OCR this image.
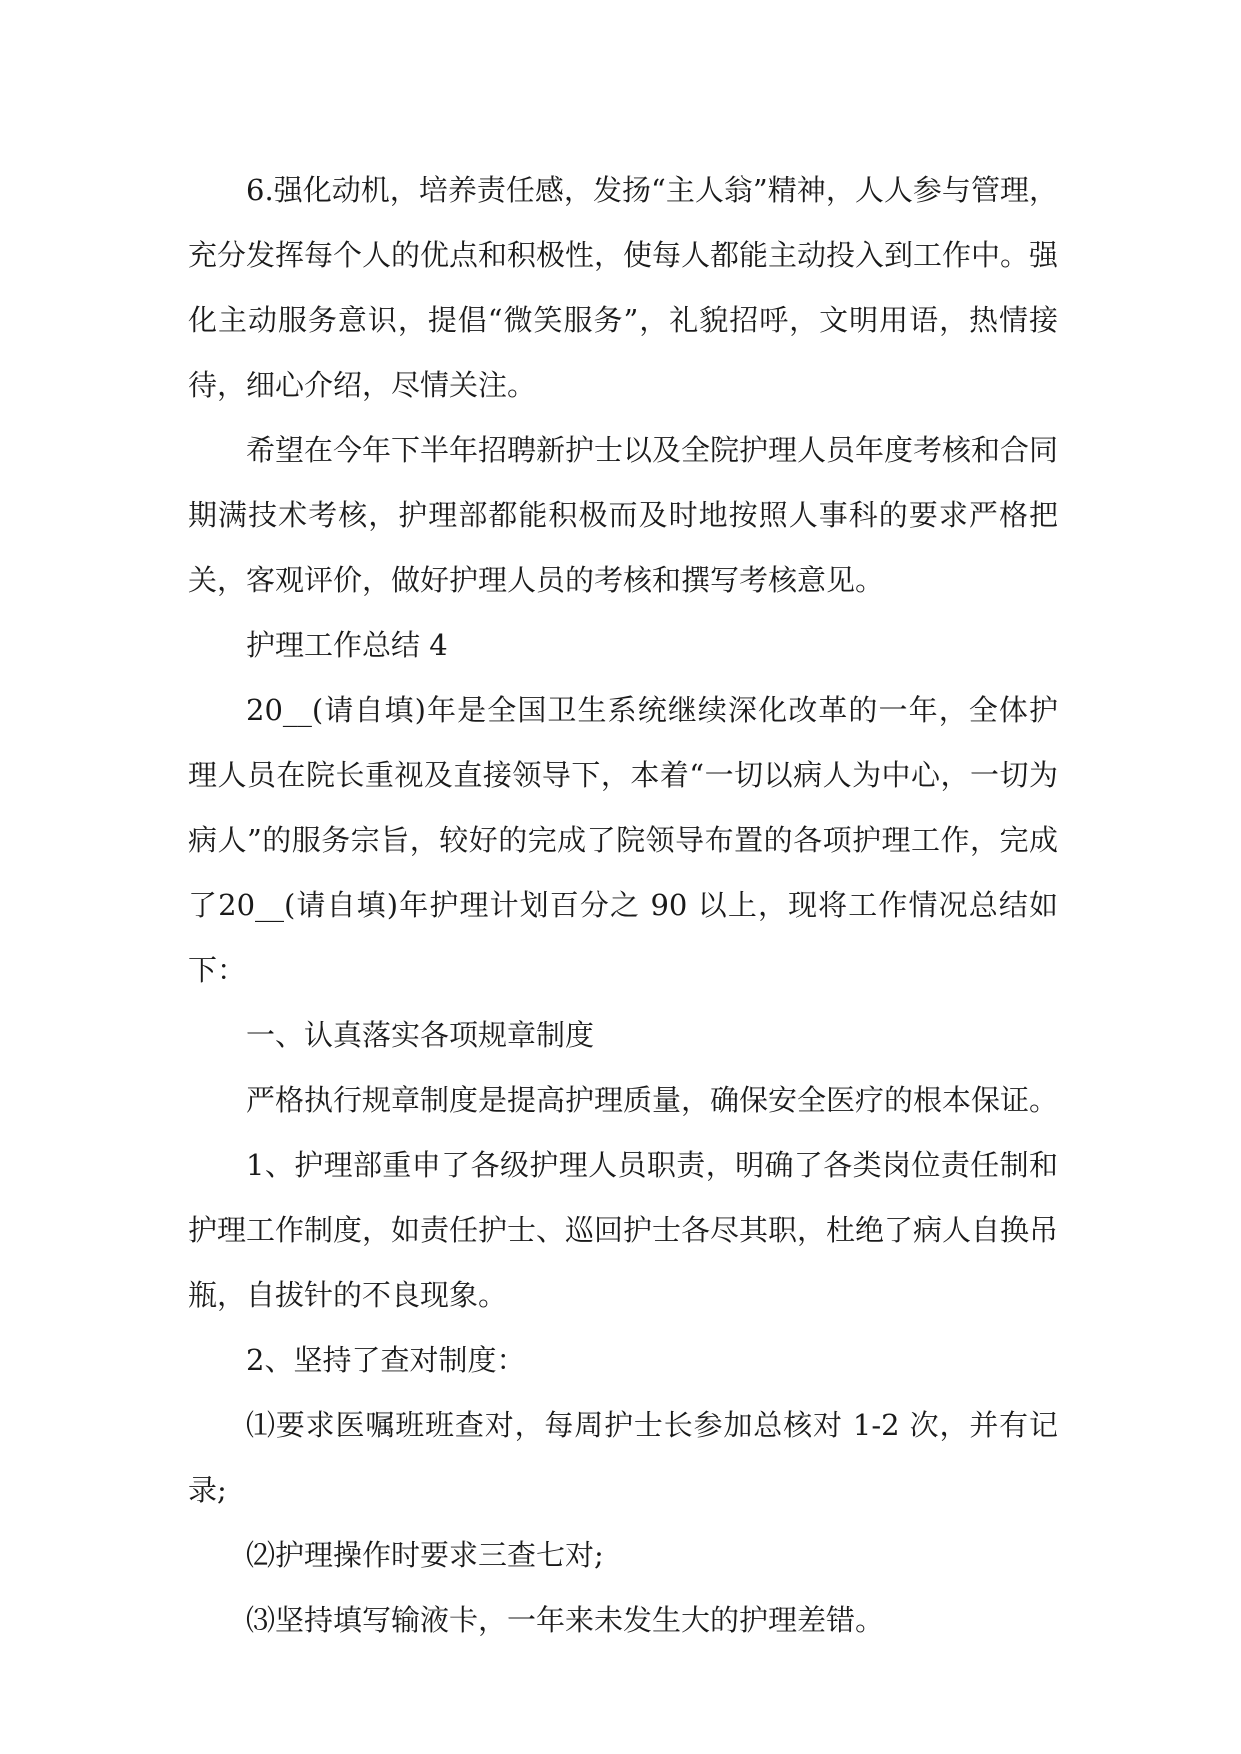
6.强化动机，培养责任感，发扬“主人翁”精神，人人参与管理，充分发挥每个人的优点和积极性，使每人都能主动投入到工作中。强化主动服务意识，提倡“微笑服务”，礼貌招呼，文明用语，热情接待，细心介绍，尽情关注。

希望在今年下半年招聘新护士以及全院护理人员年度考核和合同期满技术考核，护理部都能积极而及时地按照人事科的要求严格把关，客观评价，做好护理人员的考核和撰写考核意见。

护理工作总结 4

20__(请自填)年是全国卫生系统继续深化改革的一年，全体护理人员在院长重视及直接领导下，本着“一切以病人为中心，一切为病人”的服务宗旨，较好的完成了院领导布置的各项护理工作，完成了20__(请自填)年护理计划百分之 90 以上，现将工作情况总结如下：

一、认真落实各项规章制度

严格执行规章制度是提高护理质量，确保安全医疗的根本保证。

1、护理部重申了各级护理人员职责，明确了各类岗位责任制和护理工作制度，如责任护士、巡回护士各尽其职，杜绝了病人自换吊瓶，自拔针的不良现象。

2、坚持了查对制度：

⑴要求医嘱班班查对，每周护士长参加总核对 1-2 次，并有记录;

⑵护理操作时要求三查七对;

⑶坚持填写输液卡，一年来未发生大的护理差错。
